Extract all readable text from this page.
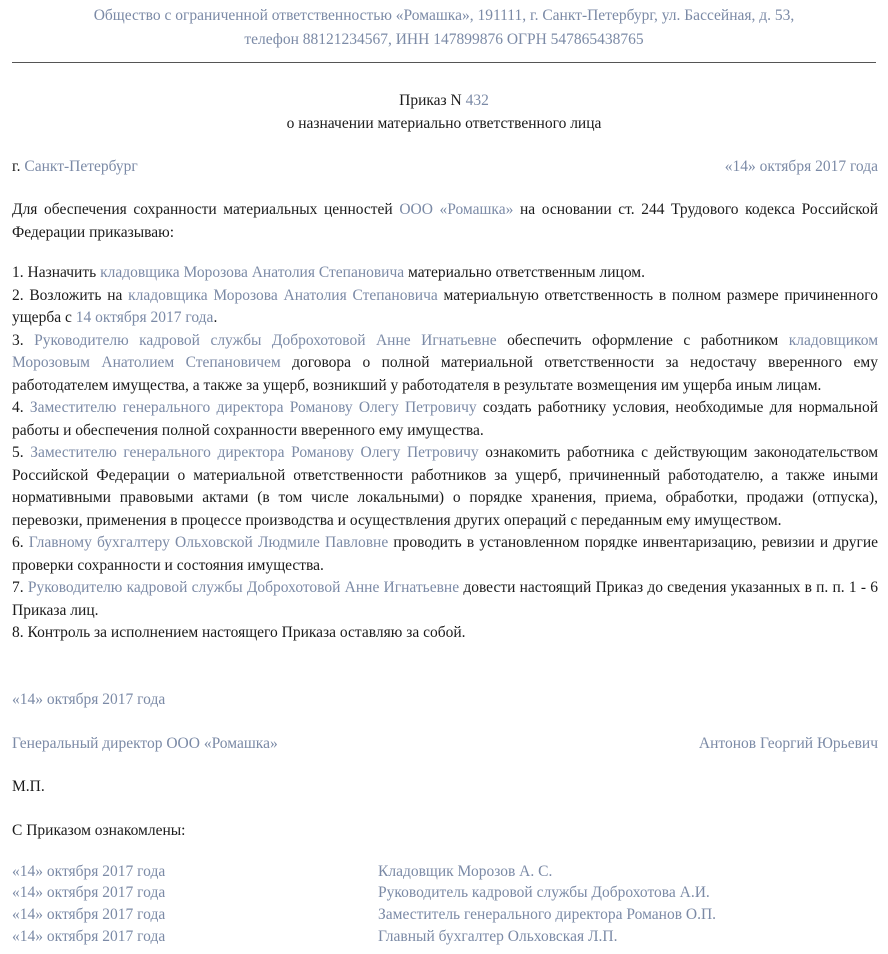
Общество с ограниченной ответственностью «Ромашка», 191111, г. Санкт-Петербург, ул. Бассейная, д. 53,
телефон 88121234567, ИНН 147899876 ОГРН 547865438765
Приказ N 432
о назначении материально ответственного лица
г. Санкт-Петербург	«14» октября 2017 года
Для обеспечения сохранности материальных ценностей ООО «Ромашка» на основании ст. 244 Трудового кодекса Российской Федерации приказываю:

1. Назначить кладовщика Морозова Анатолия Степановича материально ответственным лицом.

2. Возложить на кладовщика Морозова Анатолия Степановича материальную ответственность в полном размере причиненного ущерба с 14 октября 2017 года.

3. Руководителю кадровой службы Доброхотовой Анне Игнатьевне обеспечить оформление с работником кладовщиком Морозовым Анатолием Степановичем договора о полной материальной ответственности за недостачу вверенного ему работодателем имущества, а также за ущерб, возникший у работодателя в результате возмещения им ущерба иным лицам.

4. Заместителю генерального директора Романову Олегу Петровичу создать работнику условия, необходимые для нормальной работы и обеспечения полной сохранности вверенного ему имущества.

5. Заместителю генерального директора Романову Олегу Петровичу ознакомить работника с действующим законодательством Российской Федерации о материальной ответственности работников за ущерб, причиненный работодателю, а также иными нормативными правовыми актами (в том числе локальными) о порядке хранения, приема, обработки, продажи (отпуска), перевозки, применения в процессе производства и осуществления других операций с переданным ему имуществом.

6. Главному бухгалтеру Ольховской Людмиле Павловне проводить в установленном порядке инвентаризацию, ревизии и другие проверки сохранности и состояния имущества.

7. Руководителю кадровой службы Доброхотовой Анне Игнатьевне довести настоящий Приказ до сведения указанных в п. п. 1 - 6 Приказа лиц.

8. Контроль за исполнением настоящего Приказа оставляю за собой.

«14» октября 2017 года
Генеральный директор ООО «Ромашка»	Антонов Георгий Юрьевич
М.П.
С Приказом ознакомлены:
«14» октября 2017 года	Кладовщик Морозов А. С.
«14» октября 2017 года	Руководитель кадровой службы Доброхотова А.И.
«14» октября 2017 года	Заместитель генерального директора Романов О.П.
«14» октября 2017 года	Главный бухгалтер Ольховская Л.П.
